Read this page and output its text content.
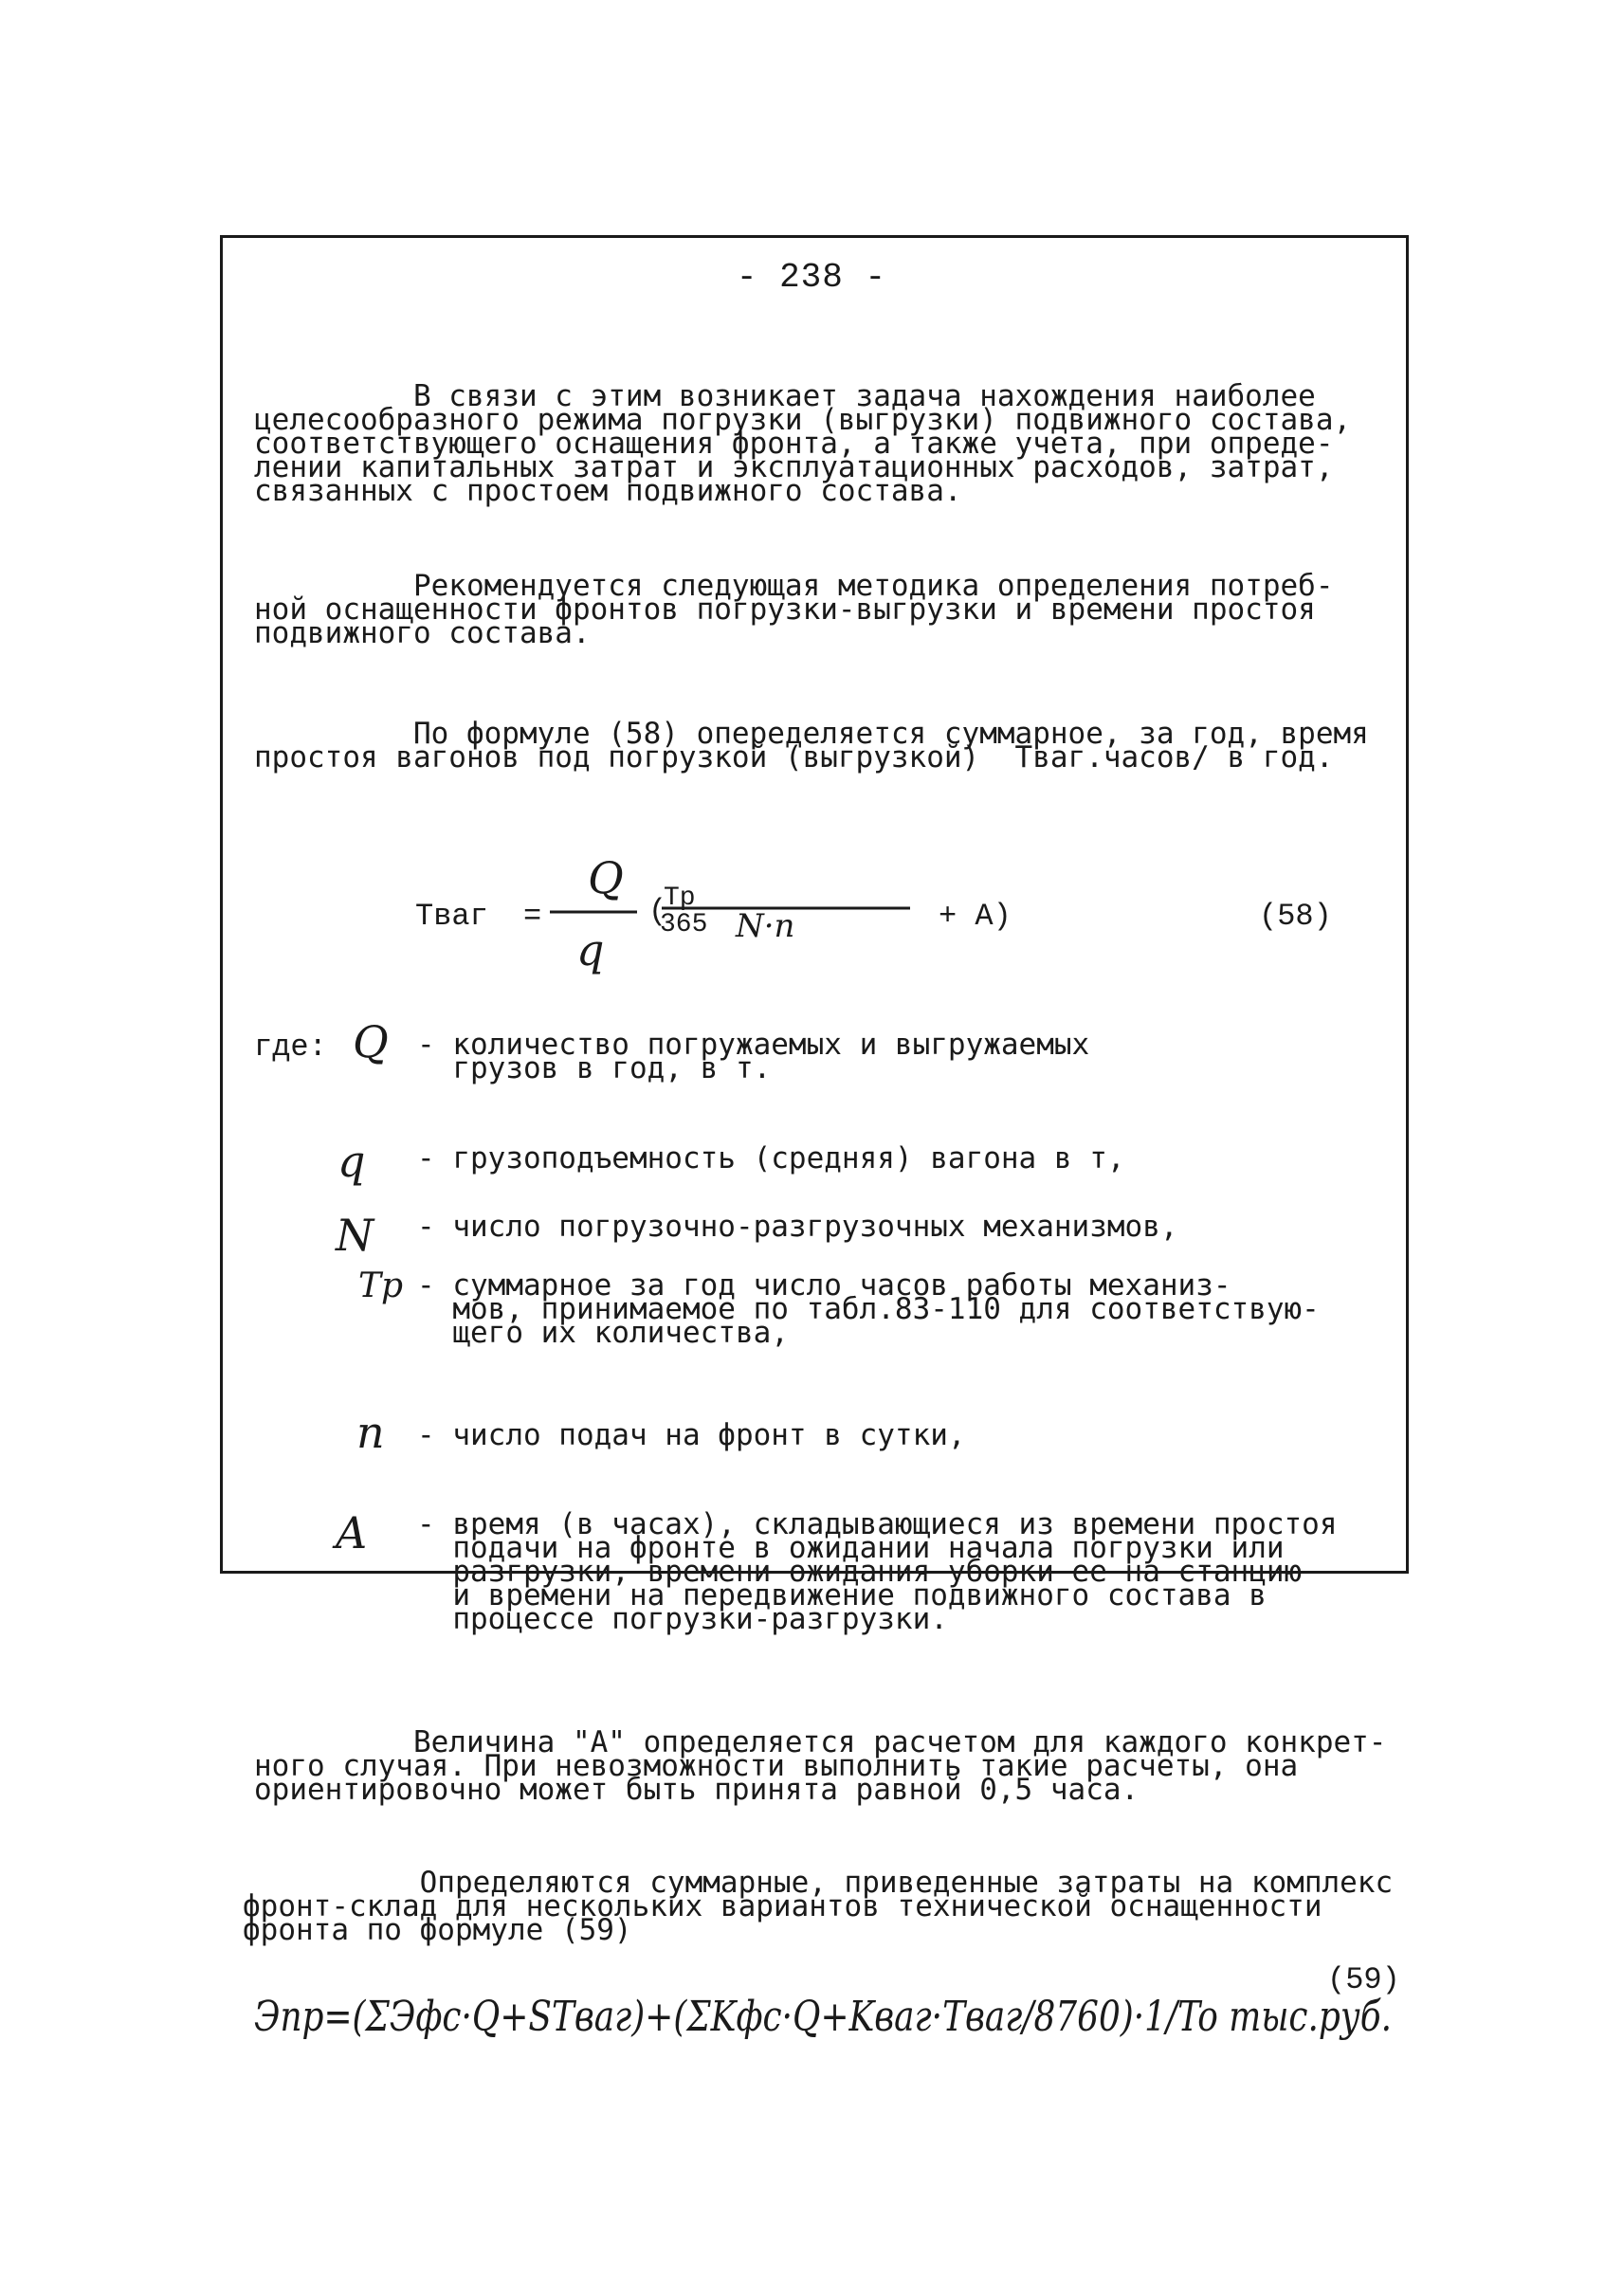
- 238 -
В связи с этим возникает задача нахождения наиболее
целесообразного режима погрузки (выгрузки) подвижного состава,
соответствующего оснащения фронта, а также учета, при опреде-
лении капитальных затрат и эксплуатационных расходов, затрат,
связанных с простоем подвижного состава.
Рекомендуется следующая методика определения потреб-
ной оснащенности фронтов погрузки-выгрузки и времени простоя
подвижного состава.
По формуле (58) опеределяется суммарное, за год, время
простоя вагонов под погрузкой (выгрузкой)  Тваг.часов/ в год.
Тваг =
Q
q
( N·n
Тр
365	+ А)	(58)
где: Q - количество погружаемых и выгружаемых
грузов в год, в т.
q - грузоподъемность (средняя) вагона в т,
N - число погрузочно-разгрузочных механизмов,
Tp - суммарное за год число часов работы механиз-
мов, принимаемое по табл.83-110 для соответствую-
щего их количества,
n - число подач на фронт в сутки,
A - время (в часах), складывающиеся из времени простоя
подачи на фронте в ожидании начала погрузки или
разгрузки, времени ожидания уборки ее на станцию
и времени на передвижение подвижного состава в
процессе погрузки-разгрузки.
Величина "А" определяется расчетом для каждого конкрет-
ного случая. При невозможности выполнить такие расчеты, она
ориентировочно может быть принята равной 0,5 часа.
Определяются суммарные, приведенные затраты на комплекс
фронт-склад для нескольких вариантов технической оснащенности
фронта по формуле (59)
(59)
Эпр=(ΣЭфс·Q+STваг)+(ΣKфс·Q+Kваг·Тваг/8760)·1/To тыс.руб.
